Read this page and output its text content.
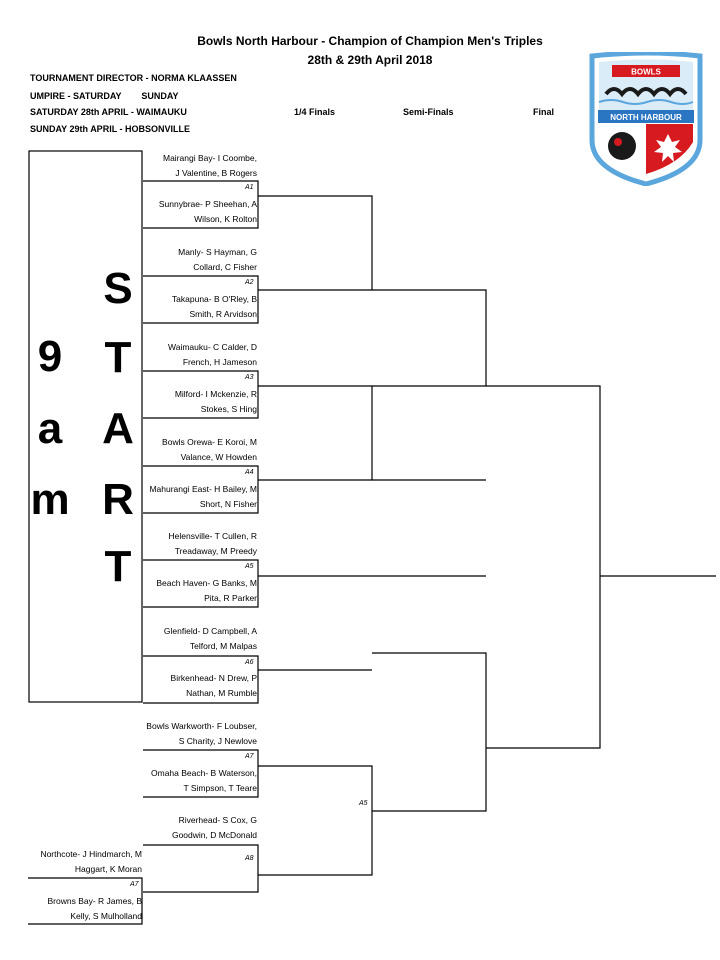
Bowls North Harbour - Champion of Champion Men's Triples
28th & 29th April 2018
TOURNAMENT DIRECTOR - NORMA KLAASSEN
UMPIRE - SATURDAY        SUNDAY
SATURDAY 28th APRIL - WAIMAUKU
SUNDAY 29th APRIL - HOBSONVILLE
1/4 Finals	Semi-Finals	Final
BOWLS
NORTH HARBOUR
9
a
m
S
T
A
R
T
Mairangi Bay- I Coombe,
J Valentine, B Rogers
Sunnybrae- P Sheehan, A
Wilson, K Rolton
Manly- S Hayman, G
Collard, C Fisher
Takapuna- B O'Rley, B
Smith, R Arvidson
Waimauku- C Calder, D
French, H Jameson
Milford- I Mckenzie, R
Stokes, S Hing
Bowls Orewa- E Koroi, M
Valance, W Howden
Mahurangi East- H Bailey, M
Short, N Fisher
Helensville- T Cullen, R
Treadaway, M Preedy
Beach Haven- G Banks, M
Pita, R Parker
Glenfield- D Campbell, A
Telford, M Malpas
Birkenhead- N Drew, P
Nathan, M Rumble
Bowls Warkworth- F Loubser,
S Charity, J Newlove
Omaha Beach- B Waterson,
T Simpson, T Teare
Riverhead- S Cox, G
Goodwin, D McDonald
Northcote- J Hindmarch, M
Haggart, K Moran
Browns Bay- R James, B
Kelly, S Mulholland
A1
A2
A3
A4
A5
A6
A7
A8
A7
A5
